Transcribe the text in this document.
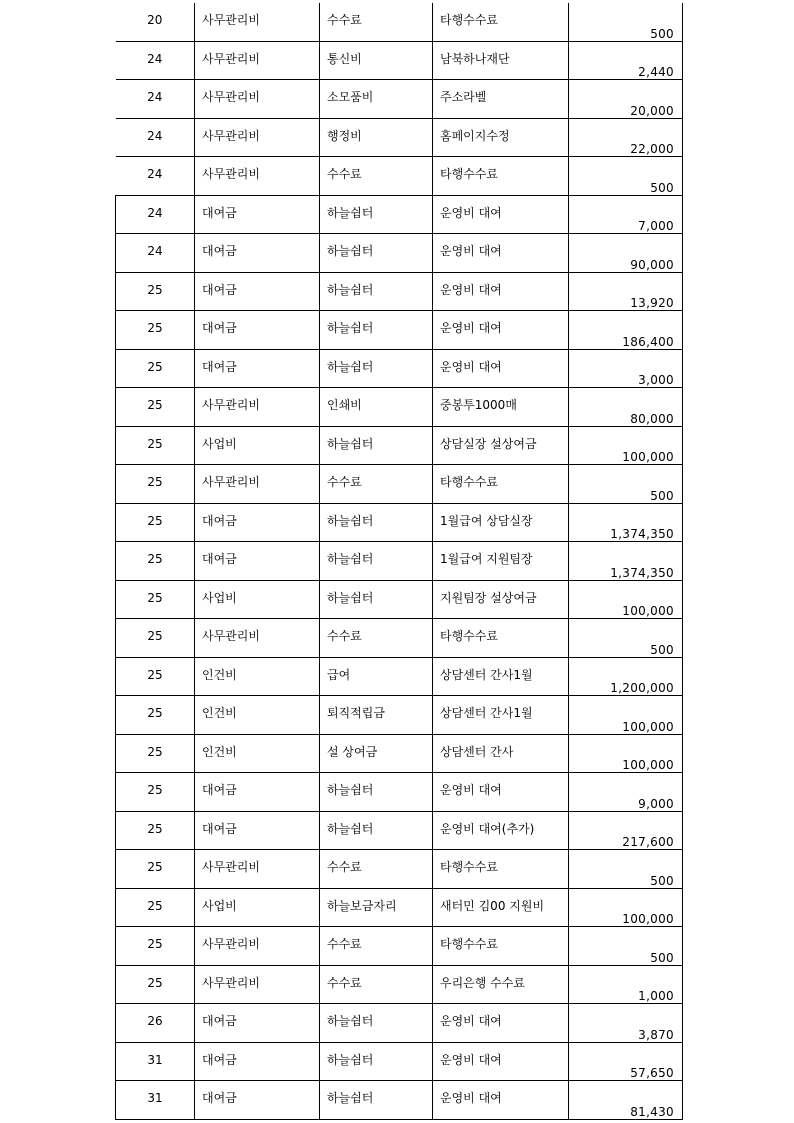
20	사무관리비	수수료	타행수수료	500
24	사무관리비	통신비	남북하나재단	2,440
24	사무관리비	소모품비	주소라벨	20,000
24	사무관리비	행정비	홈페이지수정	22,000
24	사무관리비	수수료	타행수수료	500
24	대여금	하늘쉼터	운영비 대여	7,000
24	대여금	하늘쉼터	운영비 대여	90,000
25	대여금	하늘쉼터	운영비 대여	13,920
25	대여금	하늘쉼터	운영비 대여	186,400
25	대여금	하늘쉼터	운영비 대여	3,000
25	사무관리비	인쇄비	중봉투1000매	80,000
25	사업비	하늘쉼터	상담실장 설상여금	100,000
25	사무관리비	수수료	타행수수료	500
25	대여금	하늘쉼터	1월급여 상담실장	1,374,350
25	대여금	하늘쉼터	1월급여 지원팀장	1,374,350
25	사업비	하늘쉼터	지원팀장 설상여금	100,000
25	사무관리비	수수료	타행수수료	500
25	인건비	급여	상담센터 간사1월	1,200,000
25	인건비	퇴직적립금	상담센터 간사1월	100,000
25	인건비	설 상여금	상담센터 간사	100,000
25	대여금	하늘쉼터	운영비 대여	9,000
25	대여금	하늘쉼터	운영비 대여(추가)	217,600
25	사무관리비	수수료	타행수수료	500
25	사업비	하늘보금자리	새터민 김00 지원비	100,000
25	사무관리비	수수료	타행수수료	500
25	사무관리비	수수료	우리은행 수수료	1,000
26	대여금	하늘쉼터	운영비 대여	3,870
31	대여금	하늘쉼터	운영비 대여	57,650
31	대여금	하늘쉼터	운영비 대여	81,430
